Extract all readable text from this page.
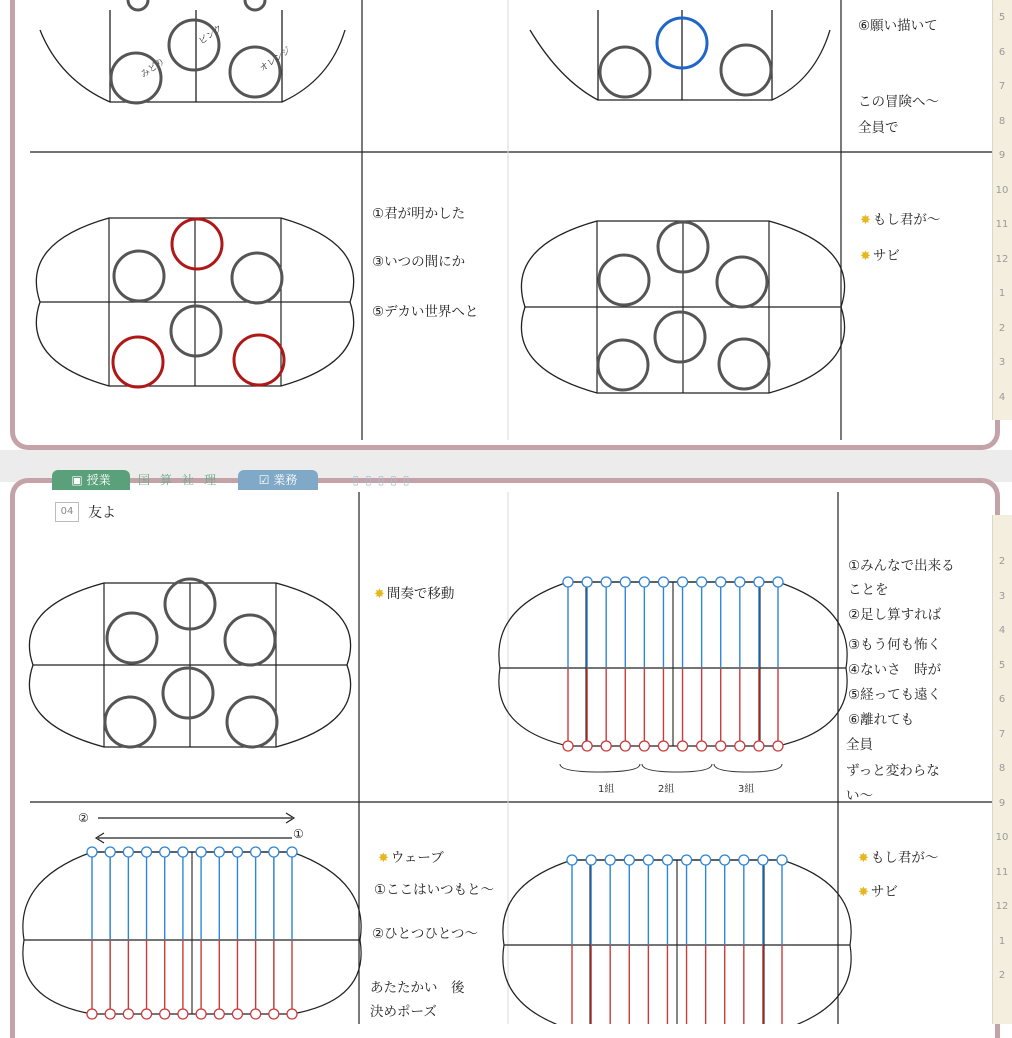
5
6
7
8
9
10
11
12
1
2
3
4
2
3
4
5
6
7
8
9
10
11
12
1
2
ピンク
みどり	オレンジ
1組	2組	3組
②
①
⑥願い描いて
この冒険へ〜
全員で
①君が明かした
③いつの間にか
⑤デカい世界へと
✸ もし君が〜
✸ サビ
▣ 授業	国 算 社 理	☑ 業務	▯▯▯▯▯
04	友よ
✸ 間奏で移動
①みんなで出来る
ことを
②足し算すれば
③もう何も怖く
④ないさ　時が
⑤経っても遠く
⑥離れても
全員
ずっと変わらな
い〜
✸ ウェーブ
①ここはいつもと〜
②ひとつひとつ〜
あたたかい　後
決めポーズ
✸ もし君が〜
✸ サビ
